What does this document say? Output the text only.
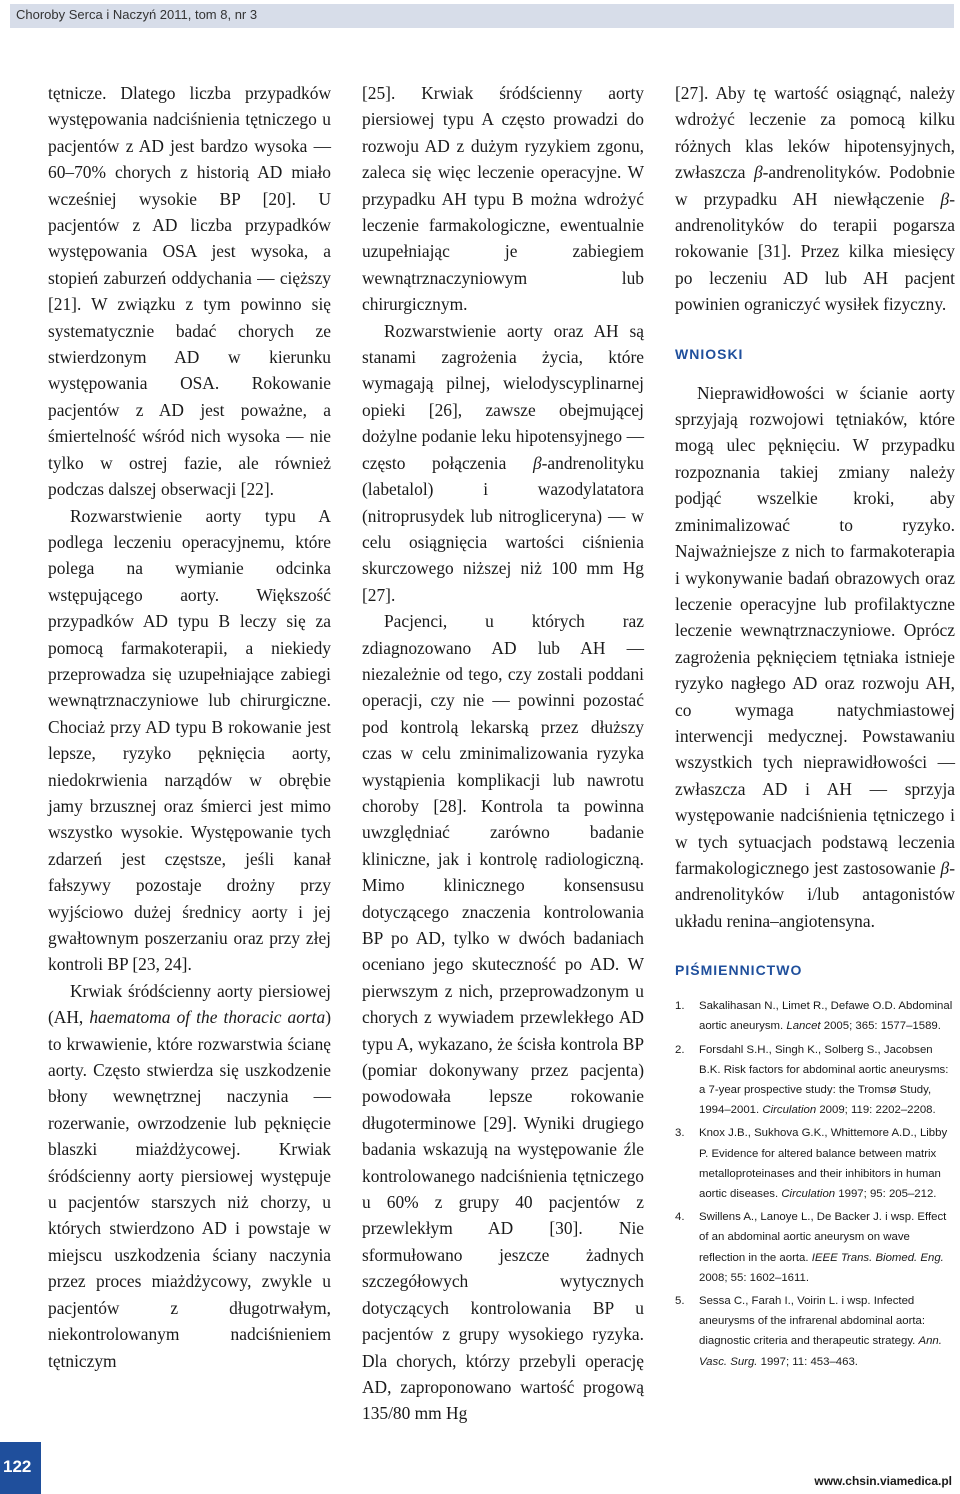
Choroby Serca i Naczyń 2011, tom 8, nr 3

tętnicze. Dlatego liczba przypadków występowania nadciśnienia tętniczego u pacjentów z AD jest bardzo wysoka — 60–70% chorych z historią AD miało wcześniej wysokie BP [20]. U pacjentów z AD liczba przypadków występowania OSA jest wysoka, a stopień zaburzeń oddychania — cięższy [21]. W związku z tym powinno się systematycznie badać chorych ze stwierdzonym AD w kierunku występowania OSA. Rokowanie pacjentów z AD jest poważne, a śmiertelność wśród nich wysoka — nie tylko w ostrej fazie, ale również podczas dalszej obserwacji [22].

Rozwarstwienie aorty typu A podlega leczeniu operacyjnemu, które polega na wymianie odcinka wstępującego aorty. Większość przypadków AD typu B leczy się za pomocą farmakoterapii, a niekiedy przeprowadza się uzupełniające zabiegi wewnątrznaczyniowe lub chirurgiczne. Chociaż przy AD typu B rokowanie jest lepsze, ryzyko pęknięcia aorty, niedokrwienia narządów w obrębie jamy brzusznej oraz śmierci jest mimo wszystko wysokie. Występowanie tych zdarzeń jest częstsze, jeśli kanał fałszywy pozostaje drożny przy wyjściowo dużej średnicy aorty i jej gwałtownym poszerzaniu oraz przy złej kontroli BP [23, 24].

Krwiak śródścienny aorty piersiowej (AH, haematoma of the thoracic aorta) to krwawienie, które rozwarstwia ścianę aorty. Często stwierdza się uszkodzenie błony wewnętrznej naczynia — rozerwanie, owrzodzenie lub pęknięcie blaszki miażdżycowej. Krwiak śródścienny aorty piersiowej występuje u pacjentów starszych niż chorzy, u których stwierdzono AD i powstaje w miejscu uszkodzenia ściany naczynia przez proces miażdżycowy, zwykle u pacjentów z długotrwałym, niekontrolowanym nadciśnieniem tętniczym

[25]. Krwiak śródścienny aorty piersiowej typu A często prowadzi do rozwoju AD z dużym ryzykiem zgonu, zaleca się więc leczenie operacyjne. W przypadku AH typu B można wdrożyć leczenie farmakologiczne, ewentualnie uzupełniając je zabiegiem wewnątrznaczyniowym lub chirurgicznym.

Rozwarstwienie aorty oraz AH są stanami zagrożenia życia, które wymagają pilnej, wielodyscyplinarnej opieki [26], zawsze obejmującej dożylne podanie leku hipotensyjnego — często połączenia β-andrenolityku (labetalol) i wazodylatatora (nitroprusydek lub nitrogliceryna) — w celu osiągnięcia wartości ciśnienia skurczowego niższej niż 100 mm Hg [27].

Pacjenci, u których raz zdiagnozowano AD lub AH — niezależnie od tego, czy zostali poddani operacji, czy nie — powinni pozostać pod kontrolą lekarską przez dłuższy czas w celu zminimalizowania ryzyka wystąpienia komplikacji lub nawrotu choroby [28]. Kontrola ta powinna uwzględniać zarówno badanie kliniczne, jak i kontrolę radiologiczną. Mimo klinicznego konsensusu dotyczącego znaczenia kontrolowania BP po AD, tylko w dwóch badaniach oceniano jego skuteczność po AD. W pierwszym z nich, przeprowadzonym u chorych z wywiadem przewlekłego AD typu A, wykazano, że ścisła kontrola BP (pomiar dokonywany przez pacjenta) powodowała lepsze rokowanie długoterminowe [29]. Wyniki drugiego badania wskazują na występowanie źle kontrolowanego nadciśnienia tętniczego u 60% z grupy 40 pacjentów z przewlekłym AD [30]. Nie sformułowano jeszcze żadnych szczegółowych wytycznych dotyczących kontrolowania BP u pacjentów z grupy wysokiego ryzyka. Dla chorych, którzy przebyli operację AD, zaproponowano wartość progową 135/80 mm Hg

[27]. Aby tę wartość osiągnąć, należy wdrożyć leczenie za pomocą kilku różnych klas leków hipotensyjnych, zwłaszcza β-andrenolityków. Podobnie w przypadku AH niewłączenie β-andrenolityków do terapii pogarsza rokowanie [31]. Przez kilka miesięcy po leczeniu AD lub AH pacjent powinien ograniczyć wysiłek fizyczny.

WNIOSKI

Nieprawidłowości w ścianie aorty sprzyjają rozwojowi tętniaków, które mogą ulec pęknięciu. W przypadku rozpoznania takiej zmiany należy podjąć wszelkie kroki, aby zminimalizować to ryzyko. Najważniejsze z nich to farmakoterapia i wykonywanie badań obrazowych oraz leczenie operacyjne lub profilaktyczne leczenie wewnątrznaczyniowe. Oprócz zagrożenia pęknięciem tętniaka istnieje ryzyko nagłego AD oraz rozwoju AH, co wymaga natychmiastowej interwencji medycznej. Powstawaniu wszystkich tych nieprawidłowości — zwłaszcza AD i AH — sprzyja występowanie nadciśnienia tętniczego i w tych sytuacjach podstawą leczenia farmakologicznego jest zastosowanie β-andrenolityków i/lub antagonistów układu renina–angiotensyna.

PIŚMIENNICTWO
1. Sakalihasan N., Limet R., Defawe O.D. Abdominal aortic aneurysm. Lancet 2005; 365: 1577–1589.
2. Forsdahl S.H., Singh K., Solberg S., Jacobsen B.K. Risk factors for abdominal aortic aneurysms: a 7-year prospective study: the Tromsø Study, 1994–2001. Circulation 2009; 119: 2202–2208.
3. Knox J.B., Sukhova G.K., Whittemore A.D., Libby P. Evidence for altered balance between matrix metalloproteinases and their inhibitors in human aortic diseases. Circulation 1997; 95: 205–212.
4. Swillens A., Lanoye L., De Backer J. i wsp. Effect of an abdominal aortic aneurysm on wave reflection in the aorta. IEEE Trans. Biomed. Eng. 2008; 55: 1602–1611.
5. Sessa C., Farah I., Voirin L. i wsp. Infected aneurysms of the infrarenal abdominal aorta: diagnostic criteria and therapeutic strategy. Ann. Vasc. Surg. 1997; 11: 453–463.
122
www.chsin.viamedica.pl
